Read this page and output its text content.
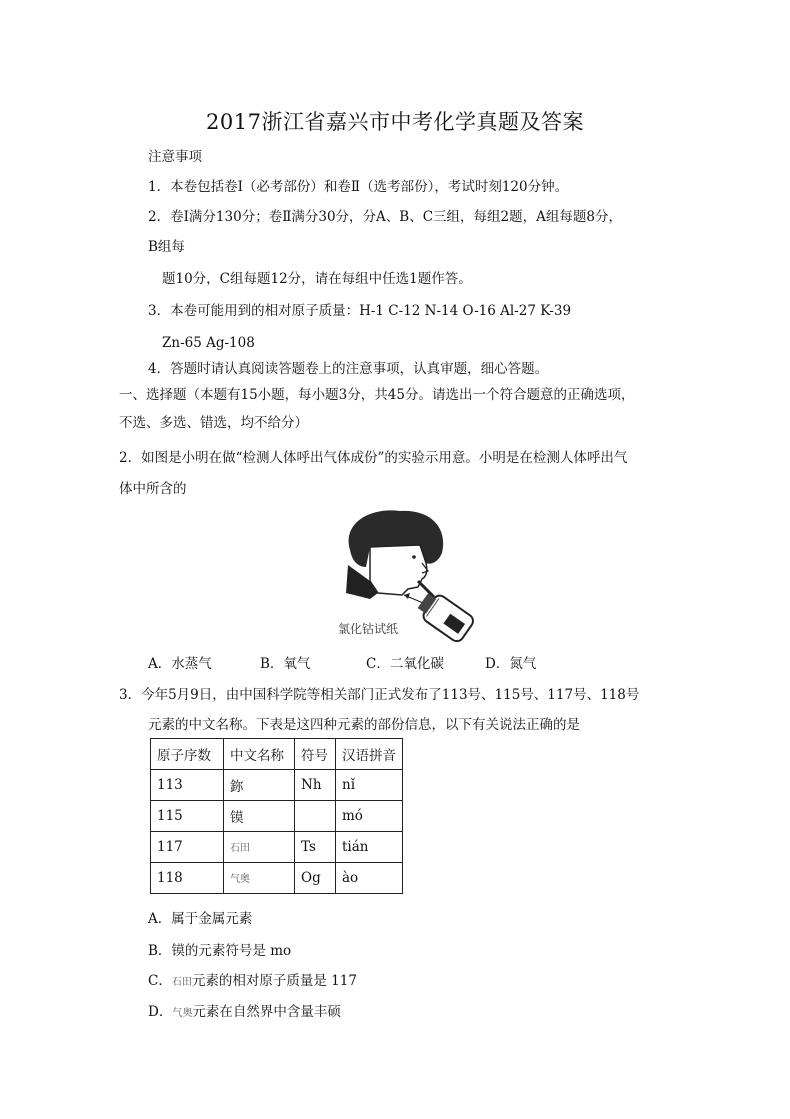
2017浙江省嘉兴市中考化学真题及答案
注意事项
1．本卷包括卷Ⅰ（必考部份）和卷Ⅱ（选考部份），考试时刻120分钟。
2．卷Ⅰ满分130分；卷Ⅱ满分30分，分A、B、C三组，每组2题，A组每题8分，
B组每
题10分，C组每题12分，请在每组中任选1题作答。
3．本卷可能用到的相对原子质量：H-1 C-12 N-14 O-16 Al-27 K-39
Zn-65 Ag-108
4．答题时请认真阅读答题卷上的注意事项，认真审题，细心答题。
一、选择题（本题有15小题，每小题3分，共45分。请选出一个符合题意的正确选项，
不选、多选、错选，均不给分）
2．如图是小明在做“检测人体呼出气体成份”的实验示用意。小明是在检测人体呼出气
体中所含的
氯化钴试纸
A．水蒸气	B．氧气	C．二氧化碳	D．氮气
3．今年5月9日，由中国科学院等相关部门正式发布了113号、115号、117号、118号
元素的中文名称。下表是这四种元素的部份信息，以下有关说法正确的是
原子序数	中文名称	符号	汉语拼音
113	鉨	Nh	nǐ
115	镆		mó
117	石田	Ts	tián
118	气奥	Og	ào
A．属于金属元素
B．镆的元素符号是 mo
C．石田元素的相对原子质量是 117
D．气奥元素在自然界中含量丰硕
